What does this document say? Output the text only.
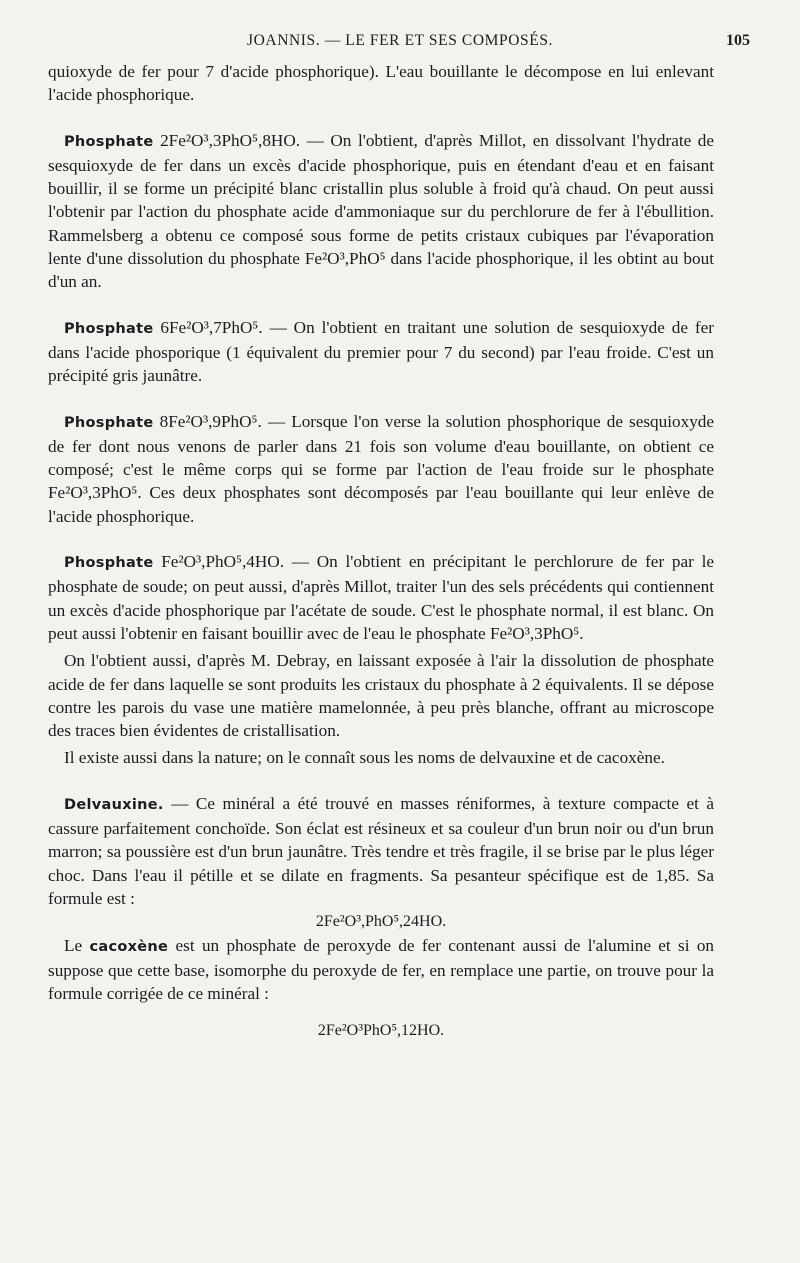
JOANNIS. — LE FER ET SES COMPOSÉS.	105

quioxyde de fer pour 7 d'acide phosphorique). L'eau bouillante le décompose en lui enlevant l'acide phosphorique.

Phosphate 2Fe²O³,3PhO⁵,8HO. — On l'obtient, d'après Millot, en dissolvant l'hydrate de sesquioxyde de fer dans un excès d'acide phosphorique, puis en étendant d'eau et en faisant bouillir, il se forme un précipité blanc cristallin plus soluble à froid qu'à chaud. On peut aussi l'obtenir par l'action du phosphate acide d'ammoniaque sur du perchlorure de fer à l'ébullition. Rammelsberg a obtenu ce composé sous forme de petits cristaux cubiques par l'évaporation lente d'une dissolution du phosphate Fe²O³,PhO⁵ dans l'acide phosphorique, il les obtint au bout d'un an.

Phosphate 6Fe²O³,7PhO⁵. — On l'obtient en traitant une solution de sesquioxyde de fer dans l'acide phosporique (1 équivalent du premier pour 7 du second) par l'eau froide. C'est un précipité gris jaunâtre.

Phosphate 8Fe²O³,9PhO⁵. — Lorsque l'on verse la solution phosphorique de sesquioxyde de fer dont nous venons de parler dans 21 fois son volume d'eau bouillante, on obtient ce composé; c'est le même corps qui se forme par l'action de l'eau froide sur le phosphate Fe²O³,3PhO⁵. Ces deux phosphates sont décomposés par l'eau bouillante qui leur enlève de l'acide phosphorique.

Phosphate Fe²O³,PhO⁵,4HO. — On l'obtient en précipitant le perchlorure de fer par le phosphate de soude; on peut aussi, d'après Millot, traiter l'un des sels précédents qui contiennent un excès d'acide phosphorique par l'acétate de soude. C'est le phosphate normal, il est blanc. On peut aussi l'obtenir en faisant bouillir avec de l'eau le phosphate Fe²O³,3PhO⁵.

On l'obtient aussi, d'après M. Debray, en laissant exposée à l'air la dissolution de phosphate acide de fer dans laquelle se sont produits les cristaux du phosphate à 2 équivalents. Il se dépose contre les parois du vase une matière mamelonnée, à peu près blanche, offrant au microscope des traces bien évidentes de cristallisation.

Il existe aussi dans la nature; on le connaît sous les noms de delvauxine et de cacoxène.

Delvauxine. — Ce minéral a été trouvé en masses réniformes, à texture compacte et à cassure parfaitement conchoïde. Son éclat est résineux et sa couleur d'un brun noir ou d'un brun marron; sa poussière est d'un brun jaunâtre. Très tendre et très fragile, il se brise par le plus léger choc. Dans l'eau il pétille et se dilate en fragments. Sa pesanteur spécifique est de 1,85. Sa formule est :

2Fe²O³,PhO⁵,24HO.

Le cacoxène est un phosphate de peroxyde de fer contenant aussi de l'alumine et si on suppose que cette base, isomorphe du peroxyde de fer, en remplace une partie, on trouve pour la formule corrigée de ce minéral :

2Fe²O³PhO⁵,12HO.
